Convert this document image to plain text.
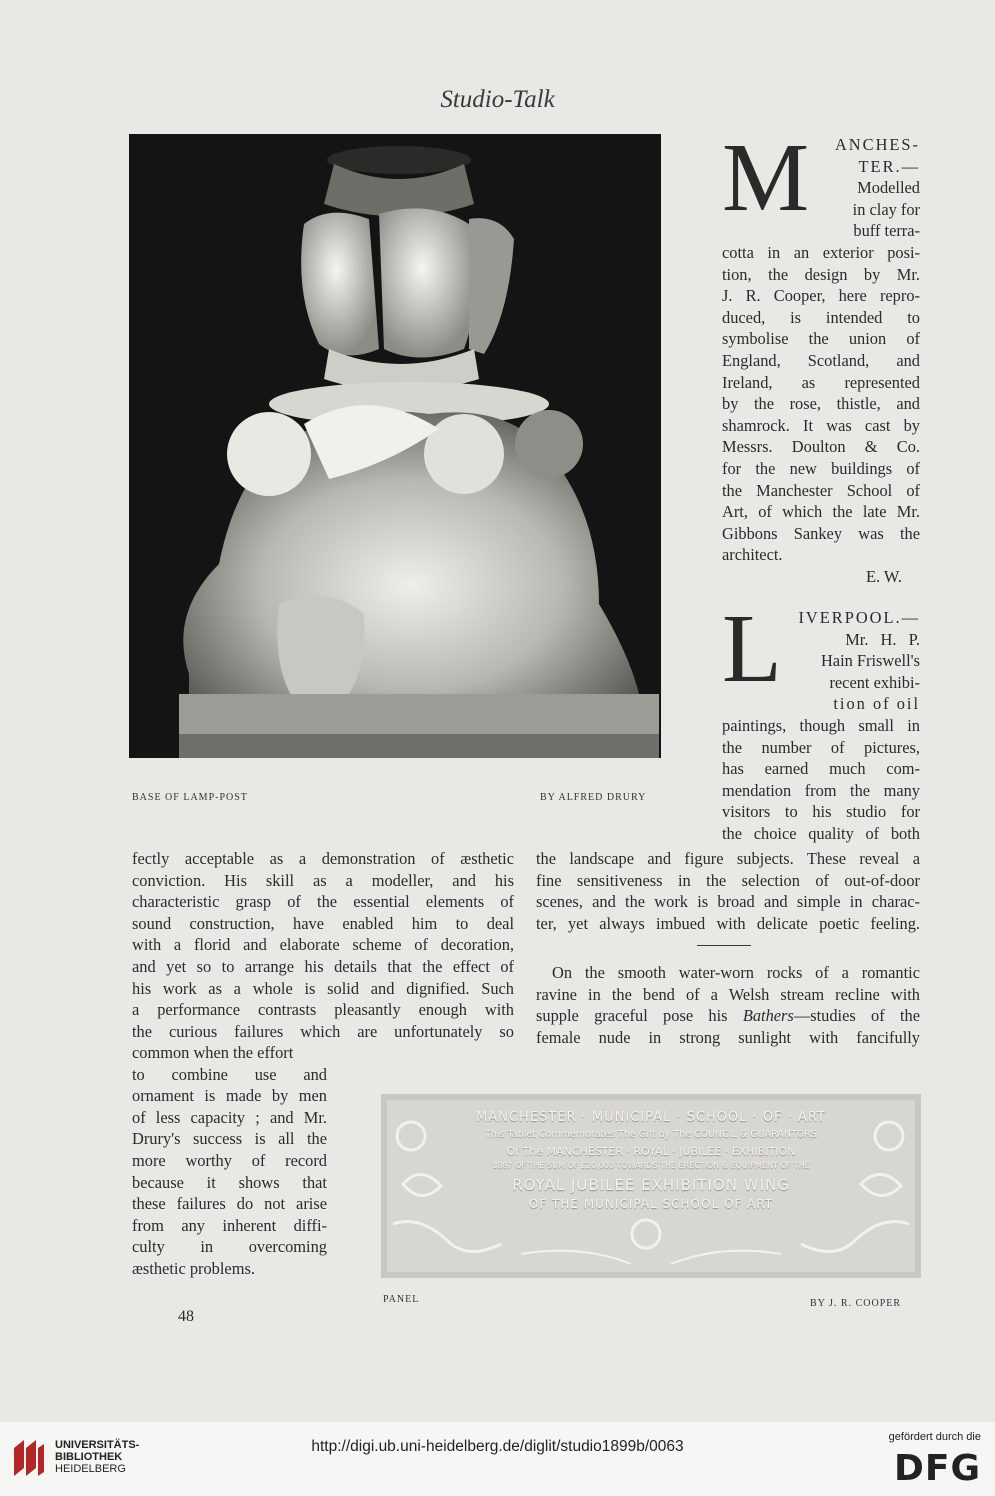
Studio-Talk
BASE OF LAMP-POST	BY ALFRED DRURY
M	ANCHES-TER.—

Modelled

in clay for

buff terra-

cotta in an exterior posi-

tion, the design by Mr.

J. R. Cooper, here repro-

duced, is intended to

symbolise the union of

England, Scotland, and

Ireland, as represented

by the rose, thistle, and

shamrock. It was cast by

Messrs. Doulton & Co.

for the new buildings of

the Manchester School of

Art, of which the late Mr.

Gibbons Sankey was the

architect.

E. W.

L	IVERPOOL.—

Mr. H. P.

Hain Friswell's

recent exhibi-

tion of oil

paintings, though small in

the number of pictures,

has earned much com-

mendation from the many

visitors to his studio for

the choice quality of both

the landscape and figure subjects. These reveal a

fine sensitiveness in the selection of out-of-door

scenes, and the work is broad and simple in charac-

ter, yet always imbued with delicate poetic feeling.

On the smooth water-worn rocks of a romantic

ravine in the bend of a Welsh stream recline with

supple graceful pose his Bathers—studies of the

female nude in strong sunlight with fancifully

fectly acceptable as a demonstration of æsthetic

conviction. His skill as a modeller, and his

characteristic grasp of the essential elements of

sound construction, have enabled him to deal

with a florid and elaborate scheme of decoration,

and yet so to arrange his details that the effect of

his work as a whole is solid and dignified. Such

a performance contrasts pleasantly enough with

the curious failures which are unfortunately so

common when the effort

to combine use and

ornament is made by men

of less capacity ; and Mr.

Drury's success is all the

more worthy of record

because it shows that

these failures do not arise

from any inherent diffi-

culty in overcoming

æsthetic problems.

MANCHESTER · MUNICIPAL · SCHOOL · OF · ART
This Tablet Commemorates The Gift by The COUNCIL & GUARANTORS
Of The MANCHESTER · ROYAL · JUBILEE · EXHIBITION
1887 OF THE SUM OF £20,000 TOWARDS THE ERECTION & EQUIPMENT OF THE
ROYAL JUBILEE EXHIBITION WING
OF THE MUNICIPAL SCHOOL OF ART
PANEL	BY J. R. COOPER
48
UNIVERSITÄTS-
BIBLIOTHEK
HEIDELBERG
http://digi.ub.uni-heidelberg.de/diglit/studio1899b/0063
gefördert durch die
DFG
